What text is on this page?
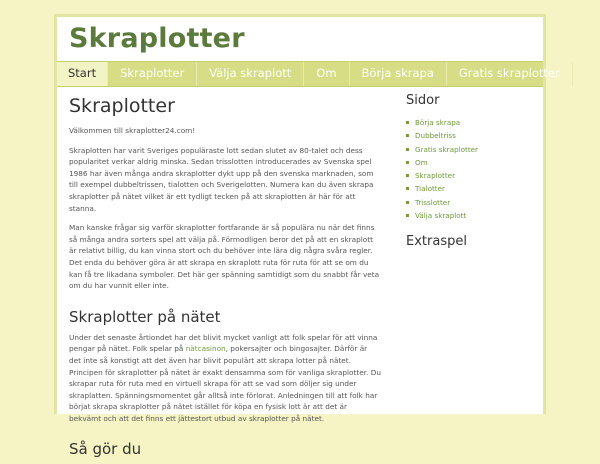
Skraplotter
Start	Skraplotter	Välja skraplott	Om	Börja skrapa	Gratis skraplotter
Skraplotter

Välkommen till skraplotter24.com!

Skraplotten har varit Sveriges populäraste lott sedan slutet av 80-talet och dess popularitet verkar aldrig minska. Sedan trisslotten introducerades av Svenska spel 1986 har även många andra skraplotter dykt upp på den svenska marknaden, som till exempel dubbeltrissen, tialotten och Sverigelotten. Numera kan du även skrapa skraplotter på nätet vilket är ett tydligt tecken på att skraplotten är här för att stanna.

Man kanske frågar sig varför skraplotter fortfarande är så populära nu när det finns så många andra sorters spel att välja på. Förmodligen beror det på att en skraplott är relativt billig, du kan vinna stort och du behöver inte lära dig några svåra regler. Det enda du behöver göra är att skrapa en skraplott ruta för ruta för att se om du kan få tre likadana symboler. Det här ger spänning samtidigt som du snabbt får veta om du har vunnit eller inte.

Skraplotter på nätet

Under det senaste årtiondet har det blivit mycket vanligt att folk spelar för att vinna pengar på nätet. Folk spelar på nätcasinon, pokersajter och bingosajter. Därför är det inte så konstigt att det även har blivit populärt att skrapa lotter på nätet. Principen för skraplotter på nätet är exakt densamma som för vanliga skraplotter. Du skrapar ruta för ruta med en virtuell skrapa för att se vad som döljer sig under skraplatten. Spänningsmomentet går alltså inte förlorat. Anledningen till att folk har börjat skrapa skraplotter på nätet istället för köpa en fysisk lott är att det är bekvämt och att det finns ett jättestort utbud av skraplotter på nätet.

Så gör du
Sidor
Börja skrapa
Dubbeltriss
Gratis skraplotter
Om
Skraplotter
Tialotter
Trisslotter
Välja skraplott
Extraspel
